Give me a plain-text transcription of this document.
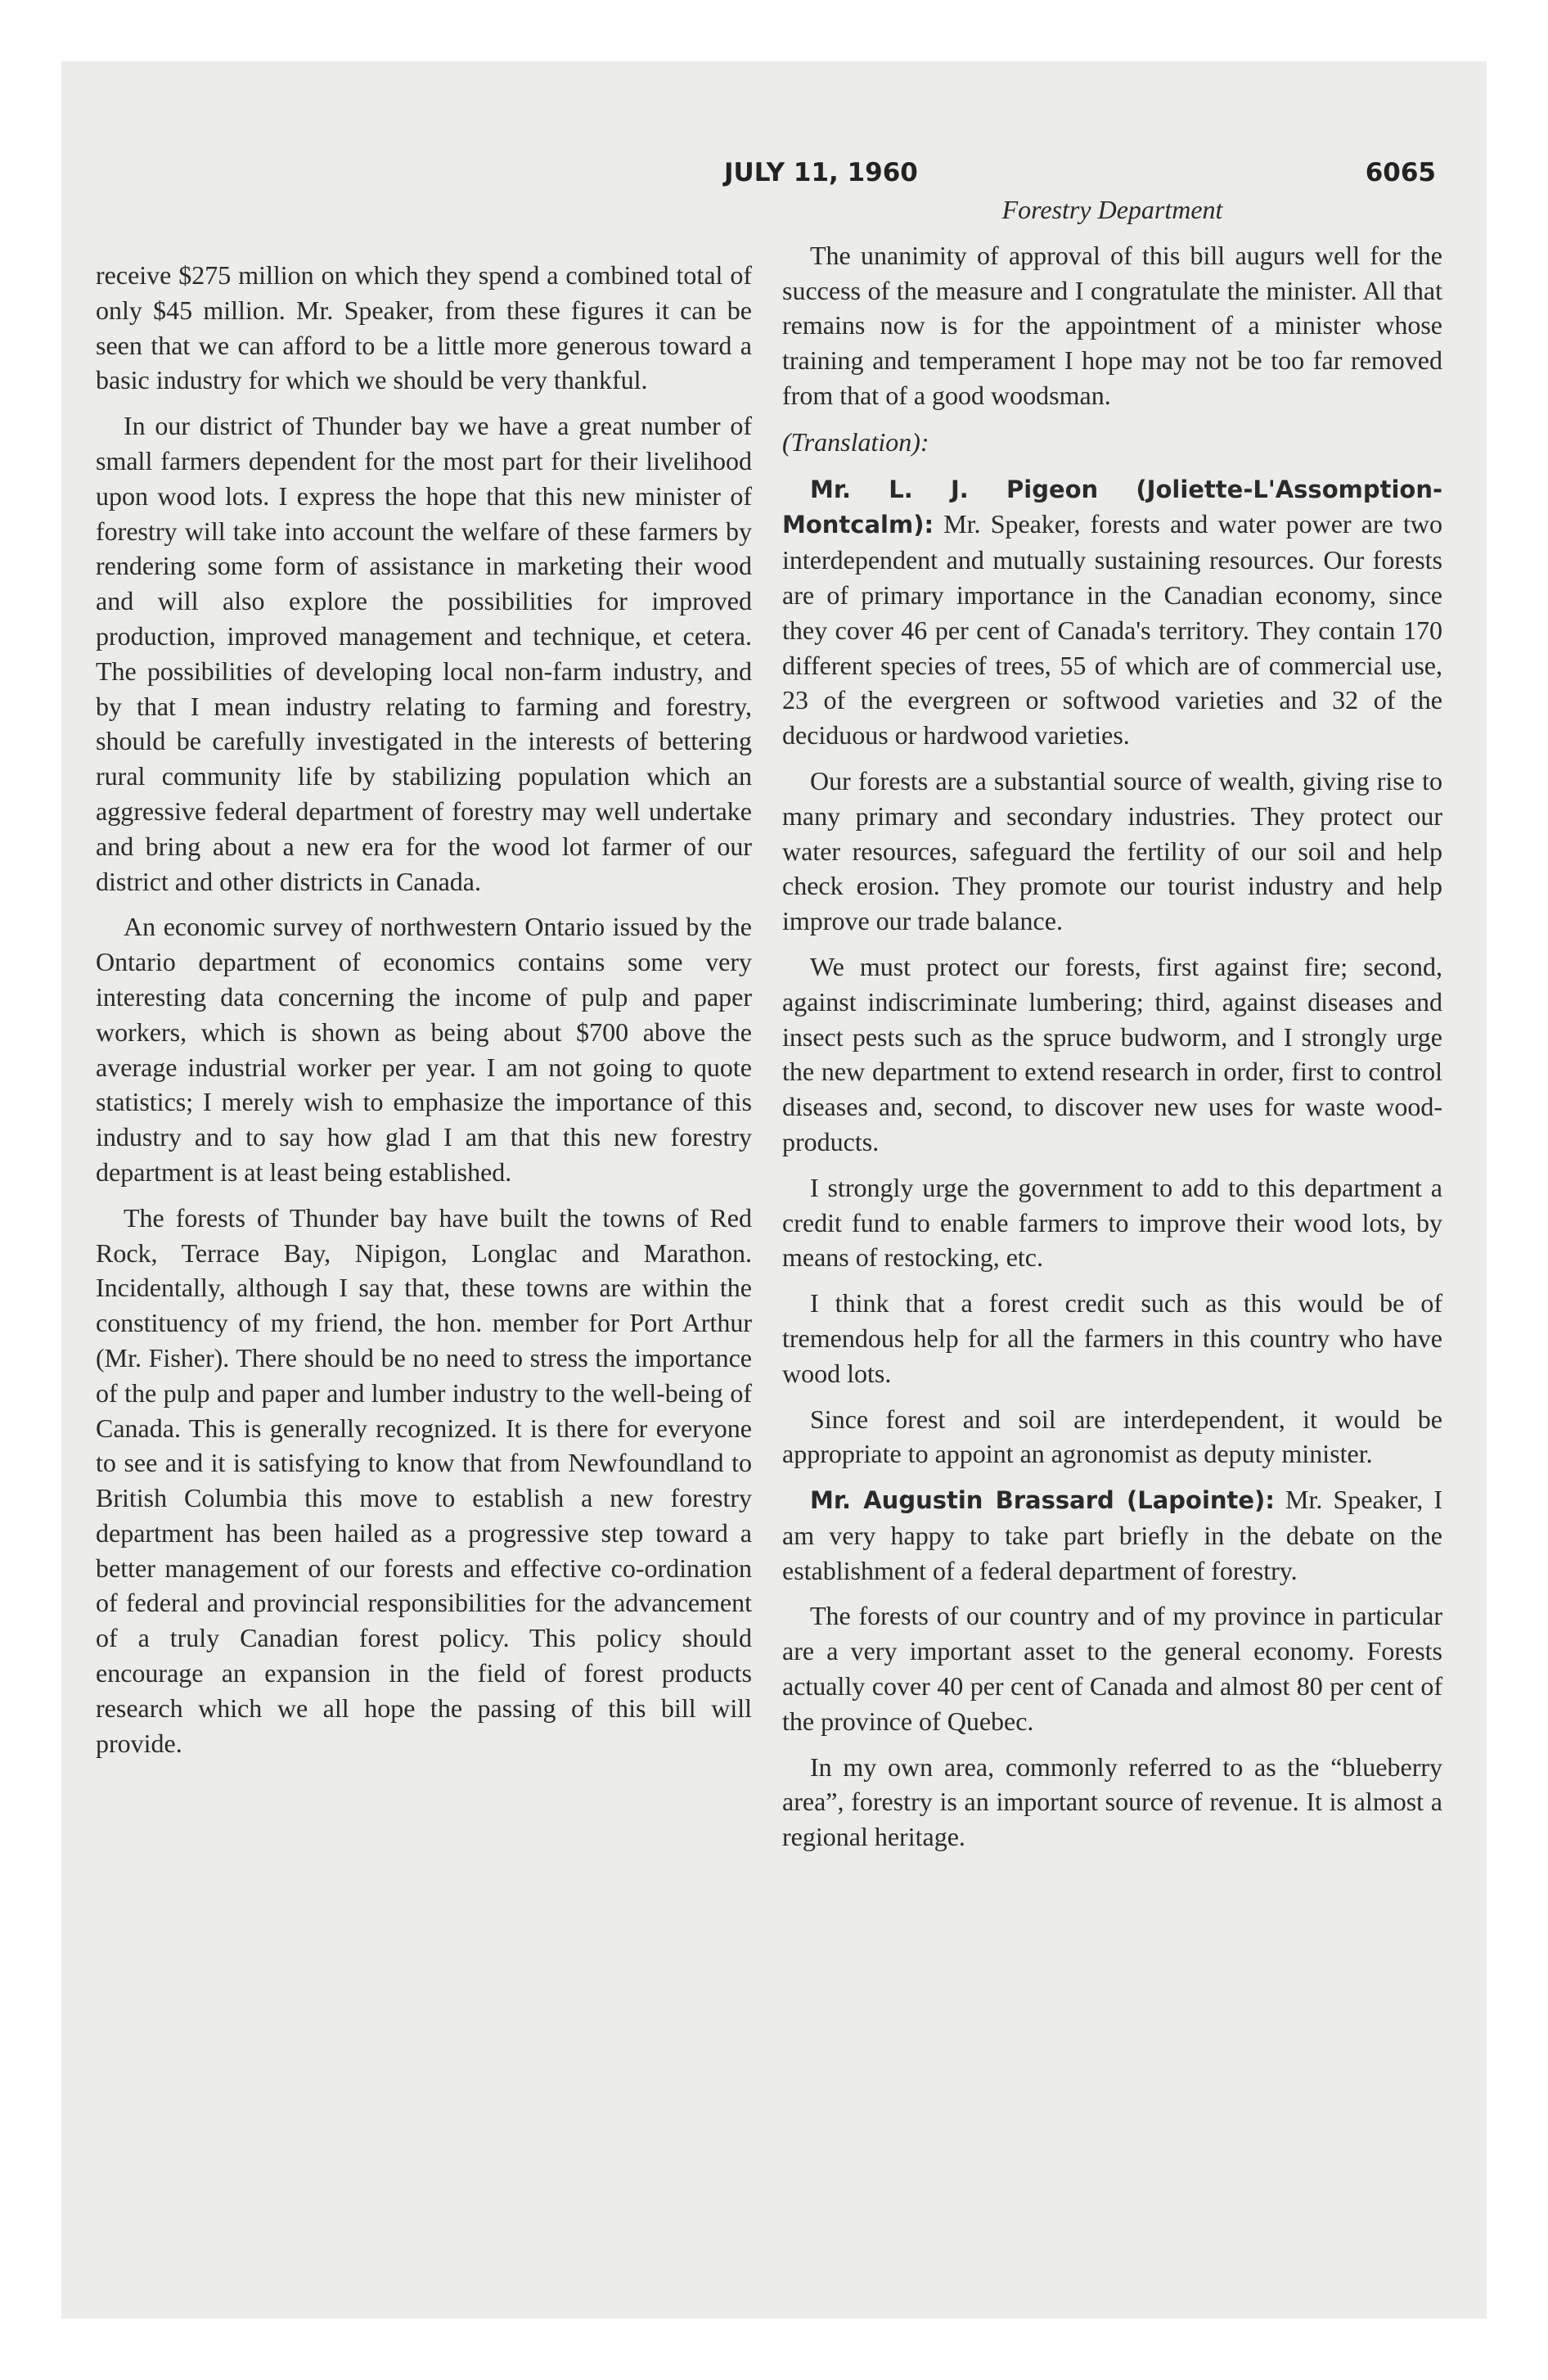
JULY 11, 1960	6065

receive $275 million on which they spend a combined total of only $45 million. Mr. Speaker, from these figures it can be seen that we can afford to be a little more generous toward a basic industry for which we should be very thankful.

In our district of Thunder bay we have a great number of small farmers dependent for the most part for their livelihood upon wood lots. I express the hope that this new minister of forestry will take into account the welfare of these farmers by rendering some form of assistance in marketing their wood and will also explore the possibilities for improved production, improved management and technique, et cetera. The possibilities of developing local non-farm industry, and by that I mean industry relating to farming and forestry, should be carefully investigated in the interests of bettering rural community life by stabilizing population which an aggressive federal department of forestry may well undertake and bring about a new era for the wood lot farmer of our district and other districts in Canada.

An economic survey of northwestern Ontario issued by the Ontario department of economics contains some very interesting data concerning the income of pulp and paper workers, which is shown as being about $700 above the average industrial worker per year. I am not going to quote statistics; I merely wish to emphasize the importance of this industry and to say how glad I am that this new forestry department is at least being established.

The forests of Thunder bay have built the towns of Red Rock, Terrace Bay, Nipigon, Longlac and Marathon. Incidentally, although I say that, these towns are within the constituency of my friend, the hon. member for Port Arthur (Mr. Fisher). There should be no need to stress the importance of the pulp and paper and lumber industry to the well-being of Canada. This is generally recognized. It is there for everyone to see and it is satisfying to know that from Newfoundland to British Columbia this move to establish a new forestry department has been hailed as a progressive step toward a better management of our forests and effective co-ordination of federal and provincial responsibilities for the advancement of a truly Canadian forest policy. This policy should encourage an expansion in the field of forest products research which we all hope the passing of this bill will provide.

Forestry Department

The unanimity of approval of this bill augurs well for the success of the measure and I congratulate the minister. All that remains now is for the appointment of a minister whose training and temperament I hope may not be too far removed from that of a good woodsman.

(Translation):

Mr. L. J. Pigeon (Joliette-L'Assomption-Montcalm): Mr. Speaker, forests and water power are two interdependent and mutually sustaining resources. Our forests are of primary importance in the Canadian economy, since they cover 46 per cent of Canada's territory. They contain 170 different species of trees, 55 of which are of commercial use, 23 of the evergreen or softwood varieties and 32 of the deciduous or hardwood varieties.

Our forests are a substantial source of wealth, giving rise to many primary and secondary industries. They protect our water resources, safeguard the fertility of our soil and help check erosion. They promote our tourist industry and help improve our trade balance.

We must protect our forests, first against fire; second, against indiscriminate lumbering; third, against diseases and insect pests such as the spruce budworm, and I strongly urge the new department to extend research in order, first to control diseases and, second, to discover new uses for waste wood-products.

I strongly urge the government to add to this department a credit fund to enable farmers to improve their wood lots, by means of restocking, etc.

I think that a forest credit such as this would be of tremendous help for all the farmers in this country who have wood lots.

Since forest and soil are interdependent, it would be appropriate to appoint an agronomist as deputy minister.

Mr. Augustin Brassard (Lapointe): Mr. Speaker, I am very happy to take part briefly in the debate on the establishment of a federal department of forestry.

The forests of our country and of my province in particular are a very important asset to the general economy. Forests actually cover 40 per cent of Canada and almost 80 per cent of the province of Quebec.

In my own area, commonly referred to as the “blueberry area”, forestry is an important source of revenue. It is almost a regional heritage.
